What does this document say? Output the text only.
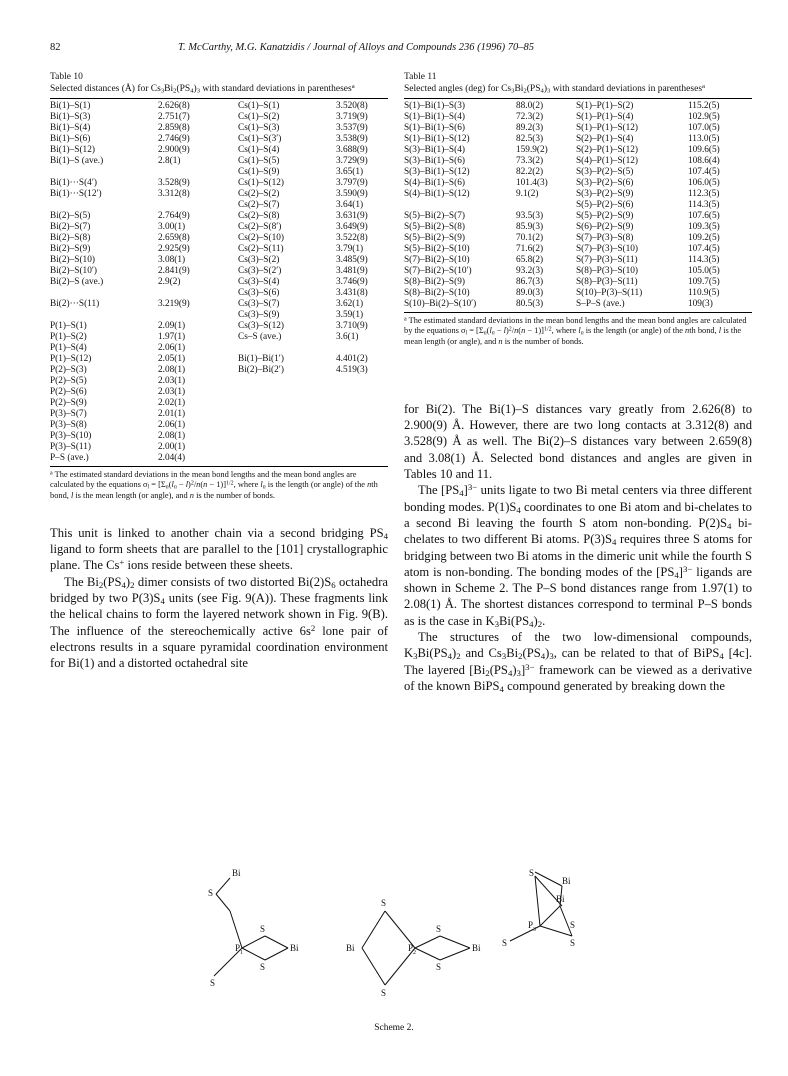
82	T. McCarthy, M.G. Kanatzidis / Journal of Alloys and Compounds 236 (1996) 70–85
Table 10
Selected distances (Å) for $Cs_3Bi_2(PS_4)_3$ with standard deviations in parentheses$^a$
Bi(1)–S(1)	2.626(8)	Cs(1)–S(1)	3.520(8)
Bi(1)–S(3)	2.751(7)	Cs(1)–S(2)	3.719(9)
Bi(1)–S(4)	2.859(8)	Cs(1)–S(3)	3.537(9)
Bi(1)–S(6)	2.746(9)	Cs(1)–S(3′)	3.538(9)
Bi(1)–S(12)	2.900(9)	Cs(1)–S(4)	3.688(9)
Bi(1)–S (ave.)	2.8(1)	Cs(1)–S(5)	3.729(9)
		Cs(1)–S(9)	3.65(1)
Bi(1)···S(4′)	3.528(9)	Cs(1)–S(12)	3.797(9)
Bi(1)···S(12′)	3.312(8)	Cs(2)–S(2)	3.590(9)
		Cs(2)–S(7)	3.64(1)
Bi(2)–S(5)	2.764(9)	Cs(2)–S(8)	3.631(9)
Bi(2)–S(7)	3.00(1)	Cs(2)–S(8′)	3.649(9)
Bi(2)–S(8)	2.659(8)	Cs(2)–S(10)	3.522(8)
Bi(2)–S(9)	2.925(9)	Cs(2)–S(11)	3.79(1)
Bi(2)–S(10)	3.08(1)	Cs(3)–S(2)	3.485(9)
Bi(2)–S(10′)	2.841(9)	Cs(3)–S(2′)	3.481(9)
Bi(2)–S (ave.)	2.9(2)	Cs(3)–S(4)	3.746(9)
		Cs(3)–S(6)	3.431(8)
Bi(2)···S(11)	3.219(9)	Cs(3)–S(7)	3.62(1)
		Cs(3)–S(9)	3.59(1)
P(1)–S(1)	2.09(1)	Cs(3)–S(12)	3.710(9)
P(1)–S(2)	1.97(1)	Cs–S (ave.)	3.6(1)
P(1)–S(4)	2.06(1)		
P(1)–S(12)	2.05(1)	Bi(1)–Bi(1′)	4.401(2)
P(2)–S(3)	2.08(1)	Bi(2)–Bi(2′)	4.519(3)
P(2)–S(5)	2.03(1)		
P(2)–S(6)	2.03(1)		
P(2)–S(9)	2.02(1)		
P(3)–S(7)	2.01(1)		
P(3)–S(8)	2.06(1)		
P(3)–S(10)	2.08(1)		
P(3)–S(11)	2.00(1)		
P–S (ave.)	2.04(4)		
$^a$ The estimated standard deviations in the mean bond lengths and the mean bond angles are calculated by the equations $\sigma_l = [\Sigma_n(l_n - l)^2/n(n - 1)]^{1/2}$, where $l_n$ is the length (or angle) of the nth bond, l is the mean length (or angle), and n is the number of bonds.

This unit is linked to another chain via a second bridging $PS_4$ ligand to form sheets that are parallel to the [101] crystallographic plane. The Cs+ ions reside between these sheets.

The $Bi_2(PS_4)_2$ dimer consists of two distorted $Bi(2)S_6$ octahedra bridged by two $P(3)S_4$ units (see Fig. 9(A)). These fragments link the helical chains to form the layered network shown in Fig. 9(B). The influence of the stereochemically active $6s^2$ lone pair of electrons results in a square pyramidal coordination environment for Bi(1) and a distorted octahedral site

Table 11
Selected angles (deg) for $Cs_3Bi_2(PS_4)_3$ with standard deviations in parentheses$^a$
S(1)–Bi(1)–S(3)	88.0(2)	S(1)–P(1)–S(2)	115.2(5)
S(1)–Bi(1)–S(4)	72.3(2)	S(1)–P(1)–S(4)	102.9(5)
S(1)–Bi(1)–S(6)	89.2(3)	S(1)–P(1)–S(12)	107.0(5)
S(1)–Bi(1)–S(12)	82.5(3)	S(2)–P(1)–S(4)	113.0(5)
S(3)–Bi(1)–S(4)	159.9(2)	S(2)–P(1)–S(12)	109.6(5)
S(3)–Bi(1)–S(6)	73.3(2)	S(4)–P(1)–S(12)	108.6(4)
S(3)–Bi(1)–S(12)	82.2(2)	S(3)–P(2)–S(5)	107.4(5)
S(4)–Bi(1)–S(6)	101.4(3)	S(3)–P(2)–S(6)	106.0(5)
S(4)–Bi(1)–S(12)	9.1(2)	S(3)–P(2)–S(9)	112.3(5)
		S(5)–P(2)–S(6)	114.3(5)
S(5)–Bi(2)–S(7)	93.5(3)	S(5)–P(2)–S(9)	107.6(5)
S(5)–Bi(2)–S(8)	85.9(3)	S(6)–P(2)–S(9)	109.3(5)
S(5)–Bi(2)–S(9)	70.1(2)	S(7)–P(3)–S(8)	109.2(5)
S(5)–Bi(2)–S(10)	71.6(2)	S(7)–P(3)–S(10)	107.4(5)
S(7)–Bi(2)–S(10)	65.8(2)	S(7)–P(3)–S(11)	114.3(5)
S(7)–Bi(2)–S(10′)	93.2(3)	S(8)–P(3)–S(10)	105.0(5)
S(8)–Bi(2)–S(9)	86.7(3)	S(8)–P(3)–S(11)	109.7(5)
S(8)–Bi(2)–S(10)	89.0(3)	S(10)–P(3)–S(11)	110.9(5)
S(10)–Bi(2)–S(10′)	80.5(3)	S–P–S (ave.)	109(3)
$^a$ The estimated standard deviations in the mean bond lengths and the mean bond angles are calculated by the equations $\sigma_l = [\Sigma_n(l_n - l)^2/n(n - 1)]^{1/2}$, where $l_n$ is the length (or angle) of the nth bond, l is the mean length (or angle), and n is the number of bonds.

for Bi(2). The Bi(1)–S distances vary greatly from 2.626(8) to 2.900(9) Å. However, there are two long contacts at 3.312(8) and 3.528(9) Å as well. The Bi(2)–S distances vary between 2.659(8) and 3.08(1) Å. Selected bond distances and angles are given in Tables 10 and 11.

The $[PS_4]^{3-}$ units ligate to two Bi metal centers via three different bonding modes. $P(1)S_4$ coordinates to one Bi atom and bi-chelates to a second Bi leaving the fourth S atom non-bonding. $P(2)S_4$ bi-chelates to two different Bi atoms. $P(3)S_4$ requires three S atoms for bridging between two Bi atoms in the dimeric unit while the fourth S atom is non-bonding. The bonding modes of the $[PS_4]^{3-}$ ligands are shown in Scheme 2. The P–S bond distances range from 1.97(1) to 2.08(1) Å. The shortest distances correspond to terminal P–S bonds as is the case in $K_3Bi(PS_4)_2$.

The structures of the two low-dimensional compounds, $K_3Bi(PS_4)_2$ and $Cs_3Bi_2(PS_4)_3$, can be related to that of BiPS$_4$ [4c]. The layered $[Bi_2(PS_4)_3]^{3-}$ framework can be viewed as a derivative of the known BiPS$_4$ compound generated by breaking down the

Bi
S
S
S
S
Bi
$P_1$	Bi
S
S
$P_2$
S
S
Bi
S
Bi
Bi
$P_3$	S
S
S
Scheme 2.
